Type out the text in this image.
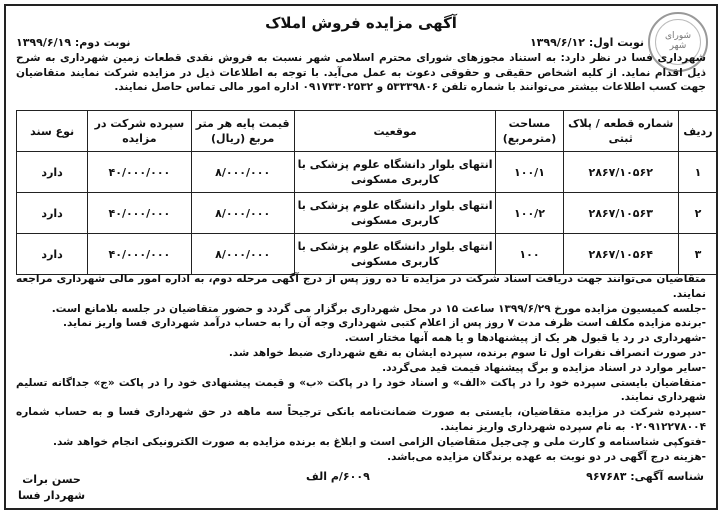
شورای شهر
آگهی مزایده فروش املاک
نوبت اول: ۱۳۹۹/۶/۱۲
نوبت دوم: ۱۳۹۹/۶/۱۹
شهرداری فسا در نظر دارد: به استناد مجوزهای شورای محترم اسلامی شهر نسبت به فروش نقدی قطعات زمین شهرداری به شرح ذیل اقدام نماید. از کلیه اشخاص حقیقی و حقوقی دعوت به عمل می‌آید. با توجه به اطلاعات ذیل در مزایده شرکت نمایند متقاضیان جهت کسب اطلاعات بیشتر می‌توانند با شماره تلفن ۵۳۳۳۹۸۰۶ و ۰۹۱۷۳۳۰۲۵۳۲ اداره امور مالی تماس حاصل نمایند.
ردیف	شماره قطعه / پلاک ثبتی	مساحت (مترمربع)	موقعیت	قیمت پایه هر متر مربع (ریال)	سپرده شرکت در مزایده	نوع سند
۱	۲۸۶۷/۱۰۵۶۲	۱۰۰/۱	انتهای بلوار دانشگاه علوم پزشکی با کاربری مسکونی	۸/۰۰۰/۰۰۰	۴۰/۰۰۰/۰۰۰	دارد
۲	۲۸۶۷/۱۰۵۶۳	۱۰۰/۲	انتهای بلوار دانشگاه علوم پزشکی با کاربری مسکونی	۸/۰۰۰/۰۰۰	۴۰/۰۰۰/۰۰۰	دارد
۳	۲۸۶۷/۱۰۵۶۴	۱۰۰	انتهای بلوار دانشگاه علوم پزشکی با کاربری مسکونی	۸/۰۰۰/۰۰۰	۴۰/۰۰۰/۰۰۰	دارد

متقاضیان می‌توانند جهت دریافت اسناد شرکت در مزایده تا ده روز پس از درج آگهی مرحله دوم، به اداره امور مالی شهرداری مراجعه نمایند.

-جلسه کمیسیون مزایده مورخ ۱۳۹۹/۶/۲۹ ساعت ۱۵ در محل شهرداری برگزار می گردد و حضور متقاضیان در جلسه بلامانع است.

-برنده مزایده مکلف است ظرف مدت ۷ روز پس از اعلام کتبی شهرداری وجه آن را به حساب درآمد شهرداری فسا واریز نماید.

-شهرداری در رد یا قبول هر یک از پیشنهادها و یا همه آنها مختار است.

-در صورت انصراف نفرات اول تا سوم برنده، سپرده ایشان به نفع شهرداری ضبط خواهد شد.

-سایر موارد در اسناد مزایده و برگ پیشنهاد قیمت قید می‌گردد.

-متقاضیان بایستی سپرده خود را در پاکت «الف» و اسناد خود را در پاکت «ب» و قیمت پیشنهادی خود را در پاکت «ج» جداگانه تسلیم شهرداری نمایند.

-سپرده شرکت در مزایده متقاضیان، بایستی به صورت ضمانت‌نامه بانکی ترجیحاً سه ماهه در حق شهرداری فسا و به حساب شماره ۰۲۰۹۱۲۲۷۸۰۰۴ به نام سپرده شهرداری واریز نمایند.

-فتوکپی شناسنامه و کارت ملی و چی‌جیل متقاضیان الزامی است و ابلاغ به برنده مزایده به صورت الکترونیکی انجام خواهد شد.

-هزینه درج آگهی در دو نوبت به عهده برندگان مزایده می‌باشد.

شناسه آگهی: ۹۶۷۶۸۳
۶۰۰۹/م الف
حسن برات
شهردار فسا
